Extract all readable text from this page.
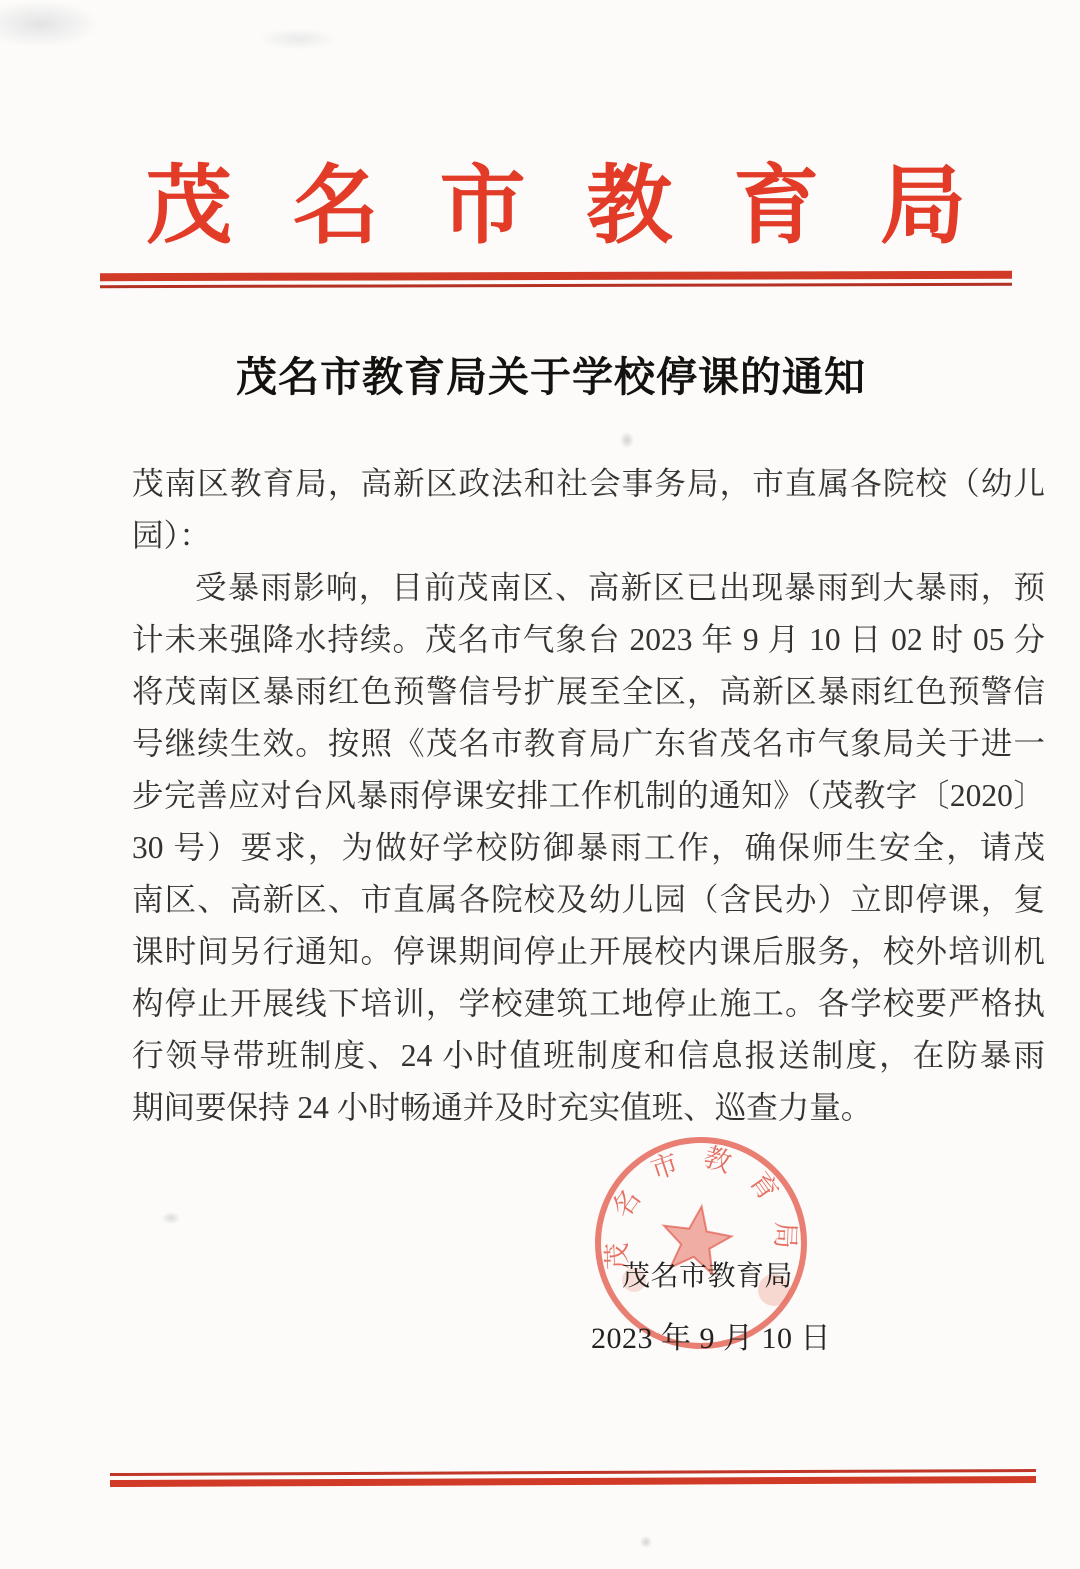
茂 名 市 教 育 局
茂名市教育局关于学校停课的通知
茂南区教育局，高新区政法和社会事务局，市直属各院校（幼儿
园）：
受暴雨影响，目前茂南区、高新区已出现暴雨到大暴雨，预
计未来强降水持续。茂名市气象台 2023 年 9 月 10 日 02 时 05 分
将茂南区暴雨红色预警信号扩展至全区，高新区暴雨红色预警信
号继续生效。按照《茂名市教育局广东省茂名市气象局关于进一
步完善应对台风暴雨停课安排工作机制的通知》（茂教字〔2020〕
30 号）要求，为做好学校防御暴雨工作，确保师生安全，请茂
南区、高新区、市直属各院校及幼儿园（含民办）立即停课，复
课时间另行通知。停课期间停止开展校内课后服务，校外培训机
构停止开展线下培训，学校建筑工地停止施工。各学校要严格执
行领导带班制度、24 小时值班制度和信息报送制度，在防暴雨
期间要保持 24 小时畅通并及时充实值班、巡查力量。
茂名市教育局
茂名市教育局
2023 年 9 月 10 日
